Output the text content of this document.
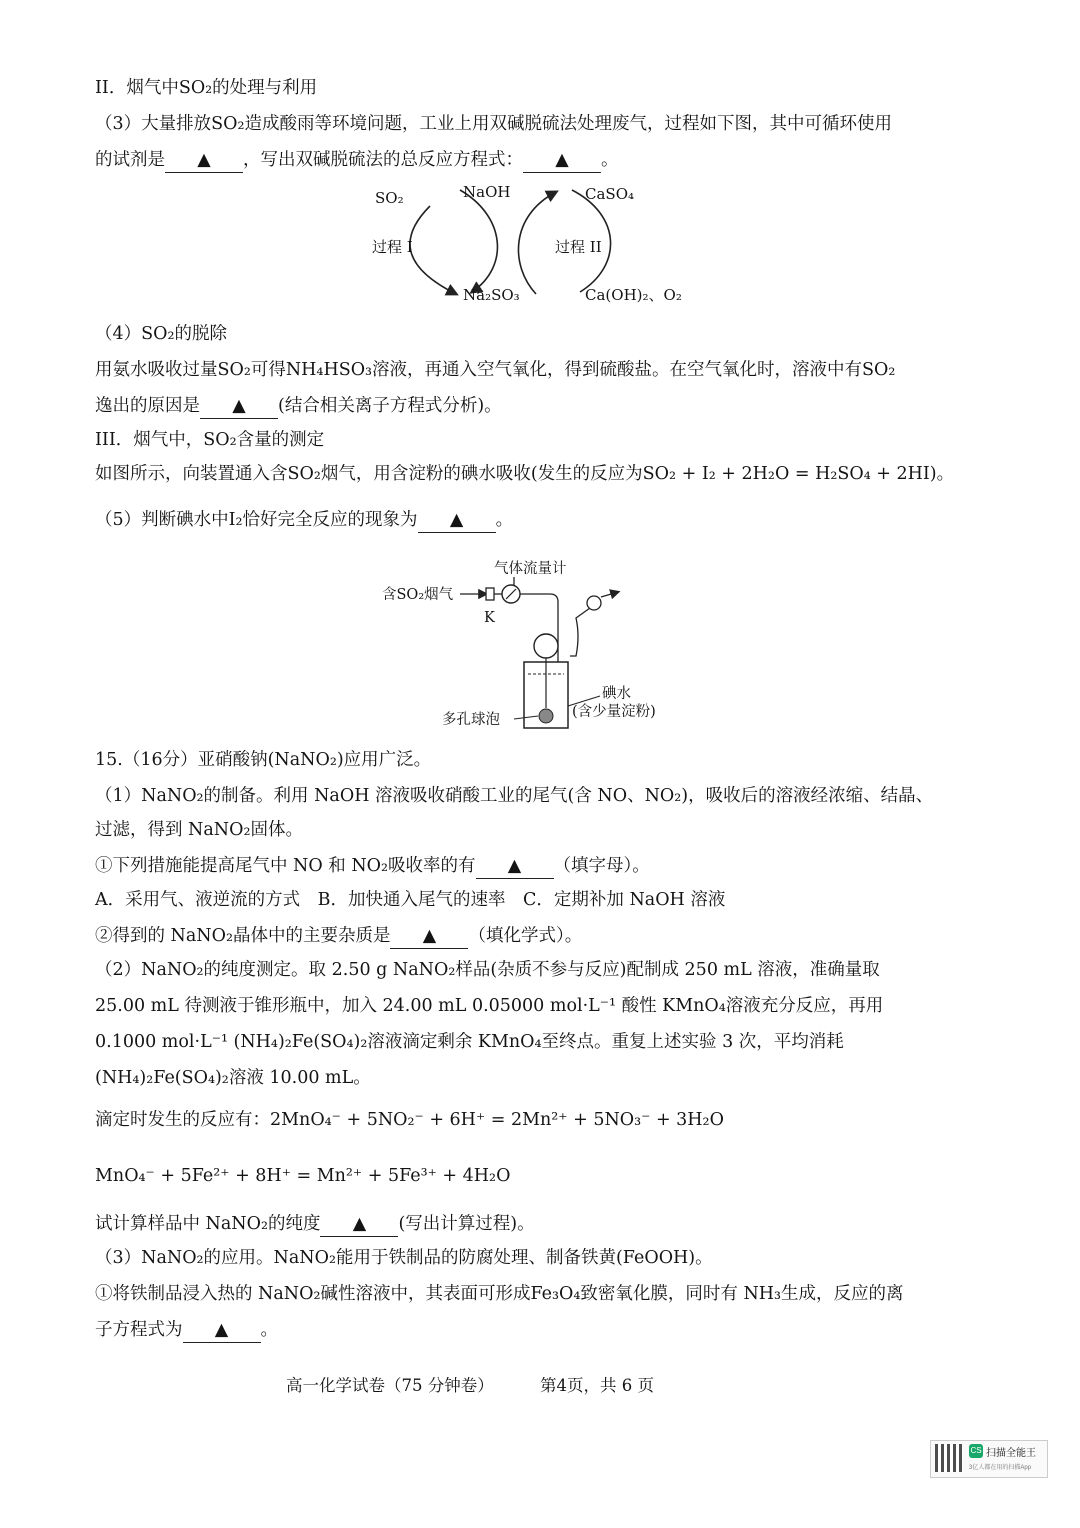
II．烟气中SO₂的处理与利用
（3）大量排放SO₂造成酸雨等环境问题，工业上用双碱脱硫法处理废气，过程如下图，其中可循环使用
的试剂是 ▲ ，写出双碱脱硫法的总反应方程式： ▲ 。
SO₂	NaOH	CaSO₄
过程 I	过程 II
Na₂SO₃	Ca(OH)₂、O₂
（4）SO₂的脱除
用氨水吸收过量SO₂可得NH₄HSO₃溶液，再通入空气氧化，得到硫酸盐。在空气氧化时，溶液中有SO₂
逸出的原因是 ▲ (结合相关离子方程式分析)。
III．烟气中，SO₂含量的测定
如图所示，向装置通入含SO₂烟气，用含淀粉的碘水吸收(发生的反应为SO₂ + I₂ + 2H₂O = H₂SO₄ + 2HI)。
（5）判断碘水中I₂恰好完全反应的现象为 ▲ 。
气体流量计
含SO₂烟气
K
多孔球泡
碘水
(含少量淀粉)
15.（16分）亚硝酸钠(NaNO₂)应用广泛。
（1）NaNO₂的制备。利用 NaOH 溶液吸收硝酸工业的尾气(含 NO、NO₂)，吸收后的溶液经浓缩、结晶、
过滤，得到 NaNO₂固体。
①下列措施能提高尾气中 NO 和 NO₂吸收率的有 ▲ （填字母）。
A．采用气、液逆流的方式　B．加快通入尾气的速率　C．定期补加 NaOH 溶液
②得到的 NaNO₂晶体中的主要杂质是 ▲ （填化学式）。
（2）NaNO₂的纯度测定。取 2.50 g NaNO₂样品(杂质不参与反应)配制成 250 mL 溶液，准确量取
25.00 mL 待测液于锥形瓶中，加入 24.00 mL 0.05000 mol·L⁻¹ 酸性 KMnO₄溶液充分反应，再用
0.1000 mol·L⁻¹ (NH₄)₂Fe(SO₄)₂溶液滴定剩余 KMnO₄至终点。重复上述实验 3 次，平均消耗
(NH₄)₂Fe(SO₄)₂溶液 10.00 mL。
滴定时发生的反应有：2MnO₄⁻ + 5NO₂⁻ + 6H⁺ = 2Mn²⁺ + 5NO₃⁻ + 3H₂O
MnO₄⁻ + 5Fe²⁺ + 8H⁺ = Mn²⁺ + 5Fe³⁺ + 4H₂O
试计算样品中 NaNO₂的纯度 ▲ (写出计算过程)。
（3）NaNO₂的应用。NaNO₂能用于铁制品的防腐处理、制备铁黄(FeOOH)。
①将铁制品浸入热的 NaNO₂碱性溶液中，其表面可形成Fe₃O₄致密氧化膜，同时有 NH₃生成，反应的离
子方程式为 ▲ 。
高一化学试卷（75 分钟卷）	第4页，共 6 页
CS 扫描全能王
3亿人都在用的扫描App
